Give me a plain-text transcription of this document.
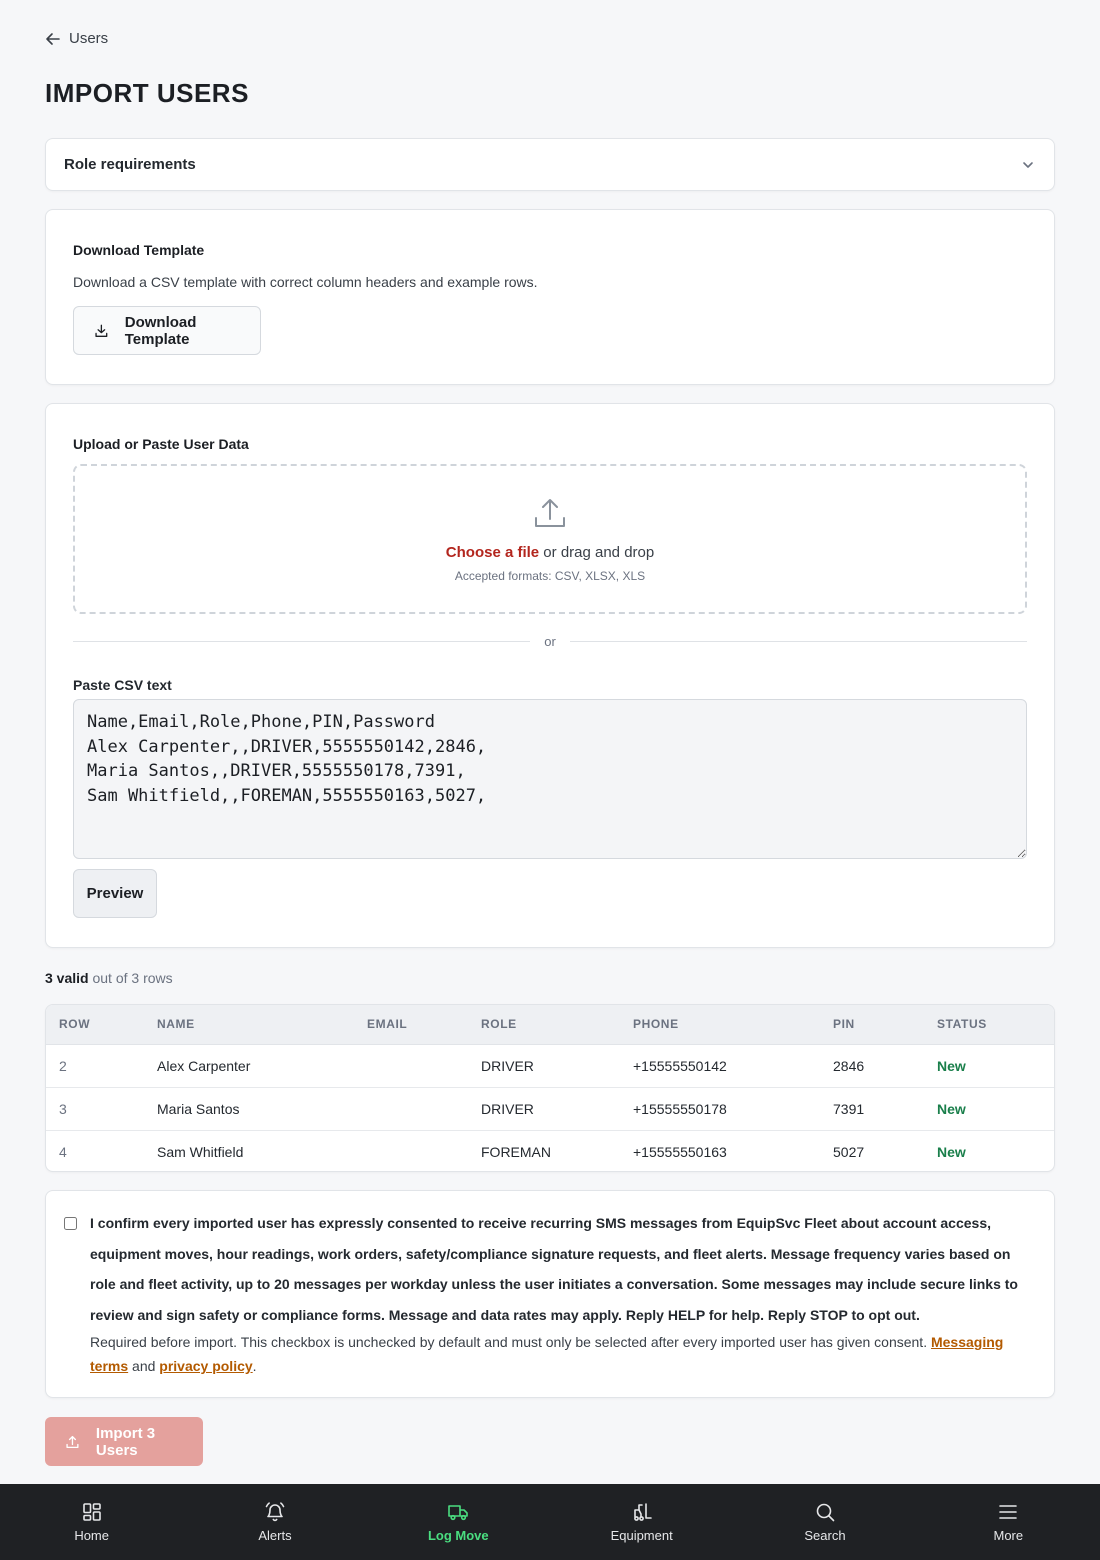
Users
IMPORT USERS
Role requirements
Download Template
Download a CSV template with correct column headers and example rows.
Download Template
Upload or Paste User Data
Choose a file or drag and drop
Accepted formats: CSV, XLSX, XLS
or
Paste CSV text
Name,Email,Role,Phone,PIN,Password Alex Carpenter,,DRIVER,5555550142,2846, Maria Santos,,DRIVER,5555550178,7391, Sam Whitfield,,FOREMAN,5555550163,5027,
Preview
3 valid out of 3 rows
ROW	NAME	EMAIL	ROLE	PHONE	PIN	STATUS
2	Alex Carpenter		DRIVER	+15555550142	2846	New
3	Maria Santos		DRIVER	+15555550178	7391	New
4	Sam Whitfield		FOREMAN	+15555550163	5027	New
I confirm every imported user has expressly consented to receive recurring SMS messages from EquipSvc Fleet about account access, equipment moves, hour readings, work orders, safety/compliance signature requests, and fleet alerts. Message frequency varies based on role and fleet activity, up to 20 messages per workday unless the user initiates a conversation. Some messages may include secure links to review and sign safety or compliance forms. Message and data rates may apply. Reply HELP for help. Reply STOP to opt out.
Required before import. This checkbox is unchecked by default and must only be selected after every imported user has given consent. Messaging terms and privacy policy.
Import 3 Users
Home	Alerts	Log Move	Equipment	Search	More
